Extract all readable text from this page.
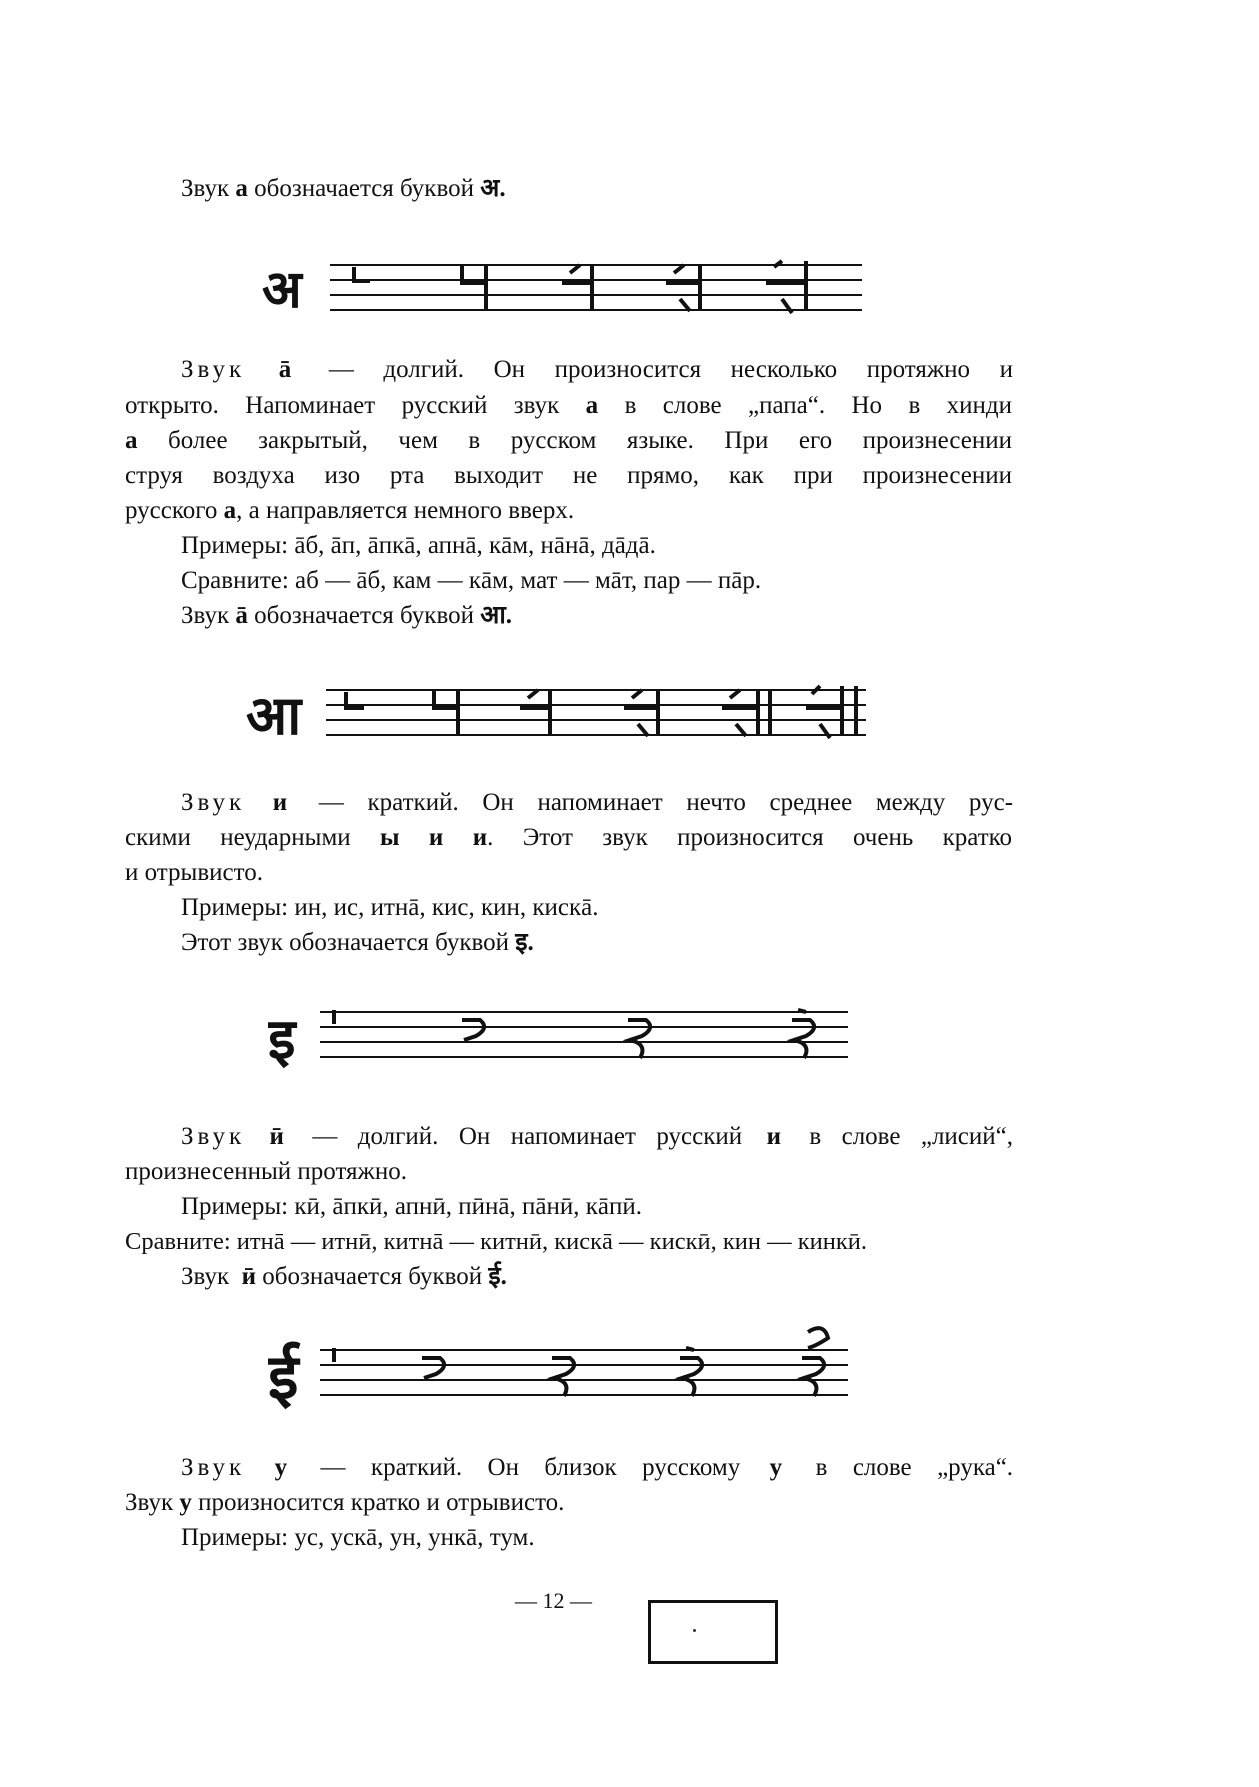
Звук а обозначается буквой अ.
अ
Звук ā — долгий. Он произносится несколько протяжно и
открыто. Напоминает русский звук а в слове „папа“. Но в хинди
а более закрытый, чем в русском языке. При его произнесении
струя воздуха изо рта выходит не прямо, как при произнесении
русского а, а направляется немного вверх.
Примеры: āб, āп, āпкā, апнā, кāм, нāнā, дāдā.
Сравните: аб — āб, кам — кāм, мат — мāт, пар — пāр.
Звук ā обозначается буквой आ.
आ
Звук и — краткий. Он напоминает нечто среднее между рус-
скими неударными ы и и. Этот звук произносится очень кратко
и отрывисто.
Примеры: ин, ис, итнā, кис, кин, кискā.
Этот звук обозначается буквой इ.
इ
Звук ӣ — долгий. Он напоминает русский и в слове „лисий“,
произнесенный протяжно.
Примеры: кӣ, āпкӣ, апнӣ, пӣнā, пāнӣ, кāпӣ.
Сравните: итнā — итнӣ, китнā — китнӣ, кискā — кискӣ, кин — кинкӣ.
Звук ӣ обозначается буквой ई.
ई
Звук у — краткий. Он близок русскому у в слове „рука“.
Звук у произносится кратко и отрывисто.
Примеры: ус, ускā, ун, ункā, тум.
— 12 —
